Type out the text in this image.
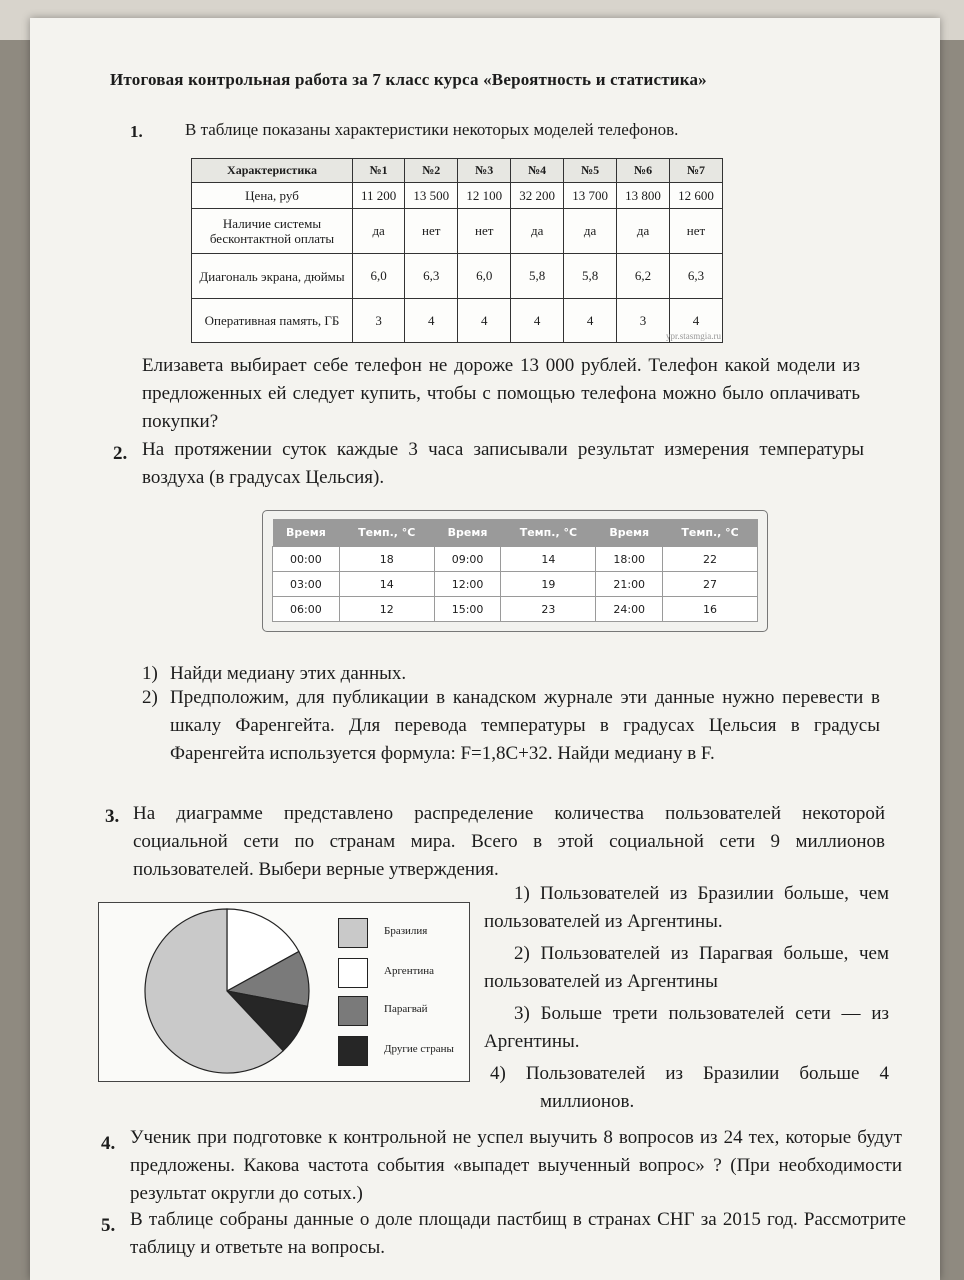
Итоговая контрольная работа за 7 класс курса «Вероятность и статистика»
1. В таблице показаны характеристики некоторых моделей телефонов.
Характеристика	№1	№2	№3	№4	№5	№6	№7
Цена, руб	11 200	13 500	12 100	32 200	13 700	13 800	12 600
Наличие системы бесконтактной оплаты	да	нет	нет	да	да	да	нет
Диагональ экрана, дюймы	6,0	6,3	6,0	5,8	5,8	6,2	6,3
Оперативная память, ГБ	3	4	4	4	4	3	4
ypr.stasmgia.ru
Елизавета выбирает себе телефон не дороже 13 000 рублей. Телефон какой модели из предложенных ей следует купить, чтобы с помощью телефона можно было оплачивать покупки?
2. На протяжении суток каждые 3 часа записывали результат измерения температуры воздуха (в градусах Цельсия).
Время	Темп., °С	Время	Темп., °С	Время	Темп., °С
00:00	18	09:00	14	18:00	22
03:00	14	12:00	19	21:00	27
06:00	12	15:00	23	24:00	16
1) Найди медиану этих данных.
2) Предположим, для публикации в канадском журнале эти данные нужно перевести в шкалу Фаренгейта. Для перевода температуры в градусах Цельсия в градусы Фаренгейта используется формула: F=1,8C+32. Найди медиану в F.
3. На диаграмме представлено распределение количества пользователей некоторой социальной сети по странам мира. Всего в этой социальной сети 9 миллионов пользователей. Выбери верные утверждения.
Бразилия
Аргентина
Парагвай
Другие страны
1) Пользователей из Бразилии больше, чем пользователей из Аргентины.
2) Пользователей из Парагвая больше, чем пользователей из Аргентины
3) Больше трети пользователей сети — из Аргентины.
4) Пользователей из Бразилии больше 4 миллионов.
4. Ученик при подготовке к контрольной не успел выучить 8 вопросов из 24 тех, которые будут предложены. Какова частота события «выпадет выученный вопрос» ? (При необходимости результат округли до сотых.)
5. В таблице собраны данные о доле площади пастбищ в странах СНГ за 2015 год. Рассмотрите таблицу и ответьте на вопросы.
